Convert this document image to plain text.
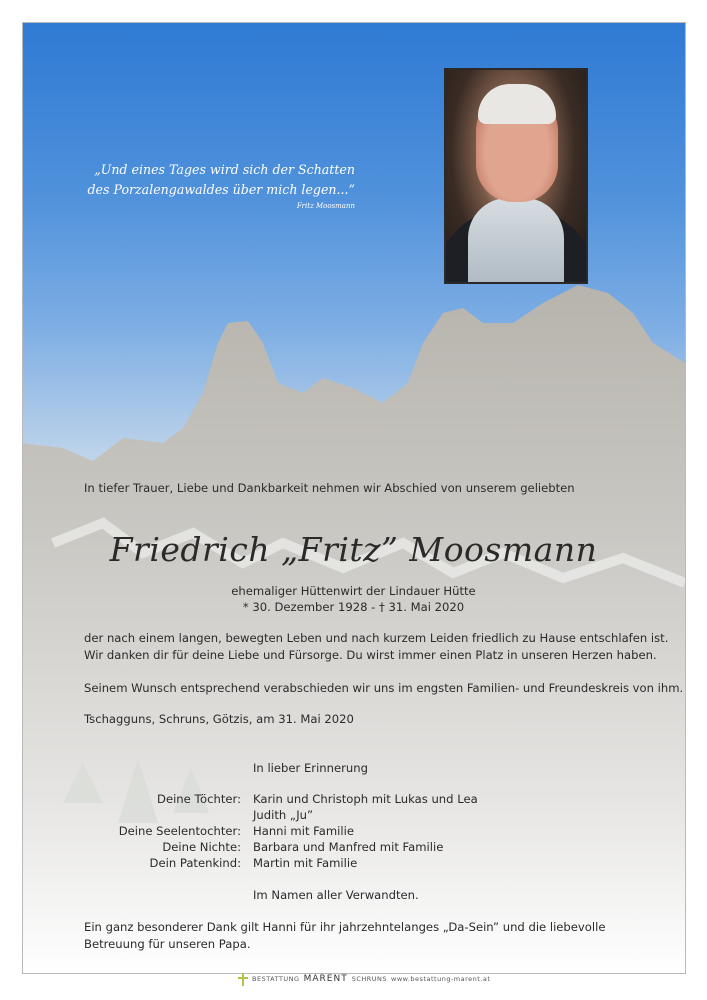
„Und eines Tages wird sich der Schatten
des Porzalengawaldes über mich legen...”
Fritz Moosmann
In tiefer Trauer, Liebe und Dankbarkeit nehmen wir Abschied von unserem geliebten
Friedrich „Fritz” Moosmann
ehemaliger Hüttenwirt der Lindauer Hütte
* 30. Dezember 1928 - † 31. Mai 2020
der nach einem langen, bewegten Leben und nach kurzem Leiden friedlich zu Hause entschlafen ist.
Wir danken dir für deine Liebe und Fürsorge. Du wirst immer einen Platz in unseren Herzen haben.
Seinem Wunsch entsprechend verabschieden wir uns im engsten Familien- und Freundeskreis von ihm.
Tschagguns, Schruns, Götzis, am 31. Mai 2020
In lieber Erinnerung
Deine Töchter: Karin und Christoph mit Lukas und Lea
Judith „Ju”
Deine Seelentochter: Hanni mit Familie
Deine Nichte: Barbara und Manfred mit Familie
Dein Patenkind: Martin mit Familie
Im Namen aller Verwandten.
Ein ganz besonderer Dank gilt Hanni für ihr jahrzehntelanges „Da-Sein” und die liebevolle
Betreuung für unseren Papa.
BESTATTUNG MARENT SCHRUNS www.bestattung-marent.at
